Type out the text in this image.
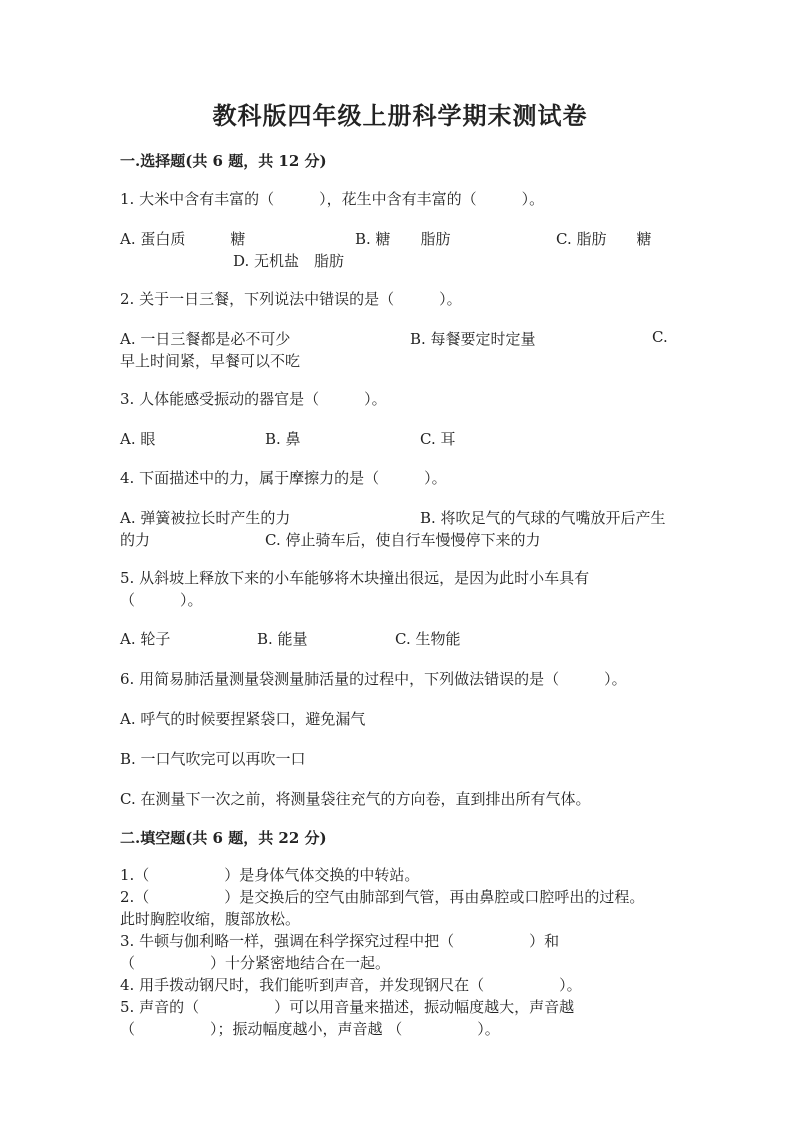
教科版四年级上册科学期末测试卷
一.选择题(共 6 题，共 12 分)
1. 大米中含有丰富的（　　　），花生中含有丰富的（　　　）。
A. 蛋白质　　　糖	B. 糖　　脂肪	C. 脂肪　　糖
D. 无机盐　脂肪
2. 关于一日三餐，下列说法中错误的是（　　　）。
A. 一日三餐都是必不可少	B. 每餐要定时定量	C.
早上时间紧，早餐可以不吃
3. 人体能感受振动的器官是（　　　）。
A. 眼	B. 鼻	C. 耳
4. 下面描述中的力，属于摩擦力的是（　　　）。
A. 弹簧被拉长时产生的力	B. 将吹足气的气球的气嘴放开后产生
的力	C. 停止骑车后，使自行车慢慢停下来的力
5. 从斜坡上释放下来的小车能够将木块撞出很远，是因为此时小车具有
（　　　）。
A. 轮子	B. 能量	C. 生物能
6. 用简易肺活量测量袋测量肺活量的过程中，下列做法错误的是（　　　）。
A. 呼气的时候要捏紧袋口，避免漏气
B. 一口气吹完可以再吹一口
C. 在测量下一次之前，将测量袋往充气的方向卷，直到排出所有气体。
二.填空题(共 6 题，共 22 分)
1.（　　　　　）是身体气体交换的中转站。
2.（　　　　　）是交换后的空气由肺部到气管，再由鼻腔或口腔呼出的过程。
此时胸腔收缩，腹部放松。
3. 牛顿与伽利略一样，强调在科学探究过程中把（　　　　　）和
（　　　　　）十分紧密地结合在一起。
4. 用手拨动钢尺时，我们能听到声音，并发现钢尺在（　　　　　）。
5. 声音的（　　　　　）可以用音量来描述，振动幅度越大，声音越
（　　　　　）；振动幅度越小，声音越 （　　　　　）。
